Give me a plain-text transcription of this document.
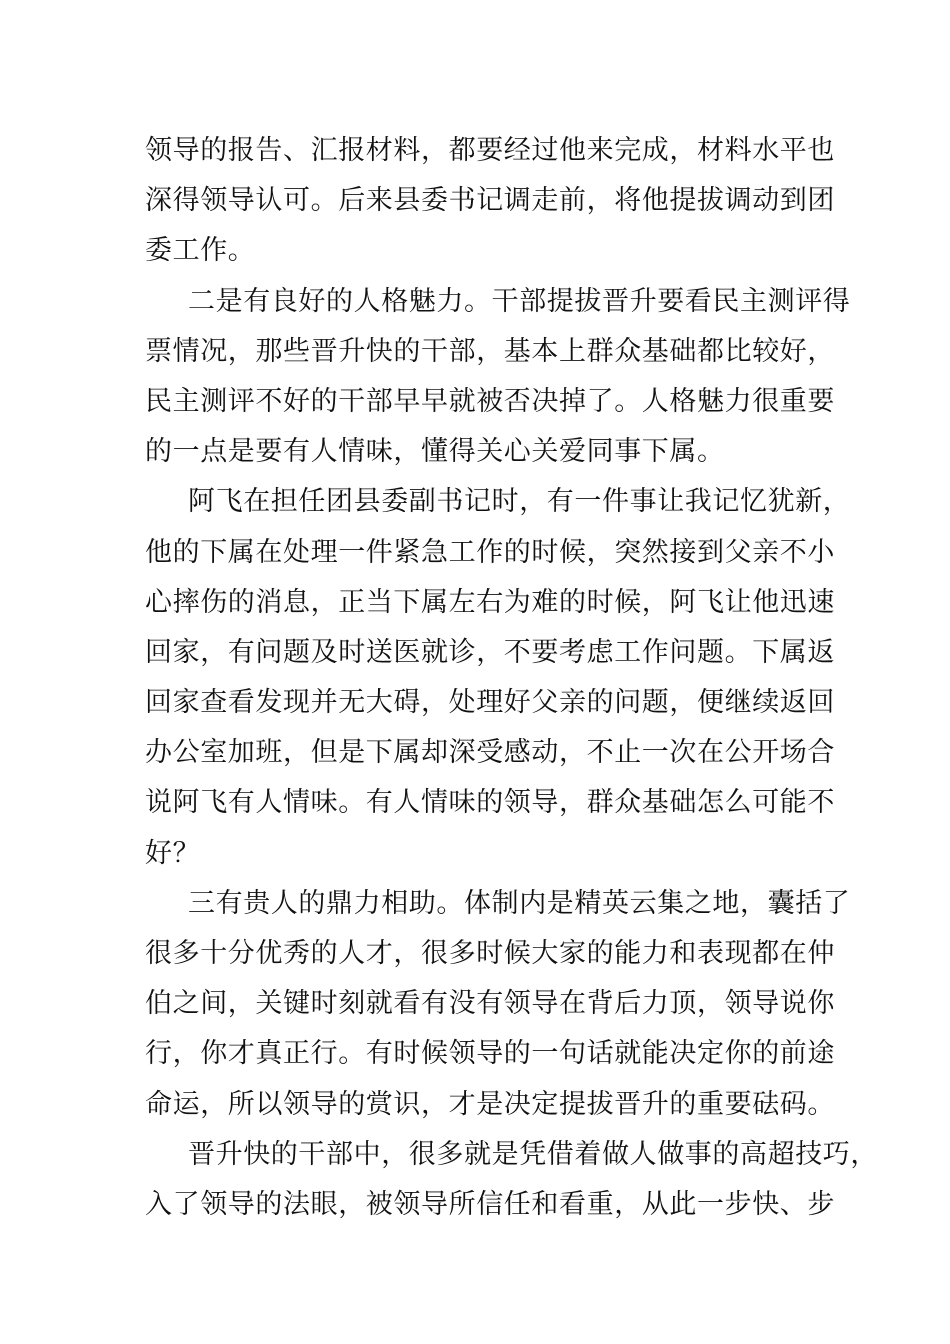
领导的报告、汇报材料，都要经过他来完成，材料水平也
深得领导认可。后来县委书记调走前，将他提拔调动到团
委工作。
二是有良好的人格魅力。干部提拔晋升要看民主测评得
票情况，那些晋升快的干部，基本上群众基础都比较好，
民主测评不好的干部早早就被否决掉了。人格魅力很重要
的一点是要有人情味，懂得关心关爱同事下属。
阿飞在担任团县委副书记时，有一件事让我记忆犹新，
他的下属在处理一件紧急工作的时候，突然接到父亲不小
心摔伤的消息，正当下属左右为难的时候，阿飞让他迅速
回家，有问题及时送医就诊，不要考虑工作问题。下属返
回家查看发现并无大碍，处理好父亲的问题，便继续返回
办公室加班，但是下属却深受感动，不止一次在公开场合
说阿飞有人情味。有人情味的领导，群众基础怎么可能不
好？
三有贵人的鼎力相助。体制内是精英云集之地，囊括了
很多十分优秀的人才，很多时候大家的能力和表现都在仲
伯之间，关键时刻就看有没有领导在背后力顶，领导说你
行，你才真正行。有时候领导的一句话就能决定你的前途
命运，所以领导的赏识，才是决定提拔晋升的重要砝码。
晋升快的干部中，很多就是凭借着做人做事的高超技巧，
入了领导的法眼，被领导所信任和看重，从此一步快、步
